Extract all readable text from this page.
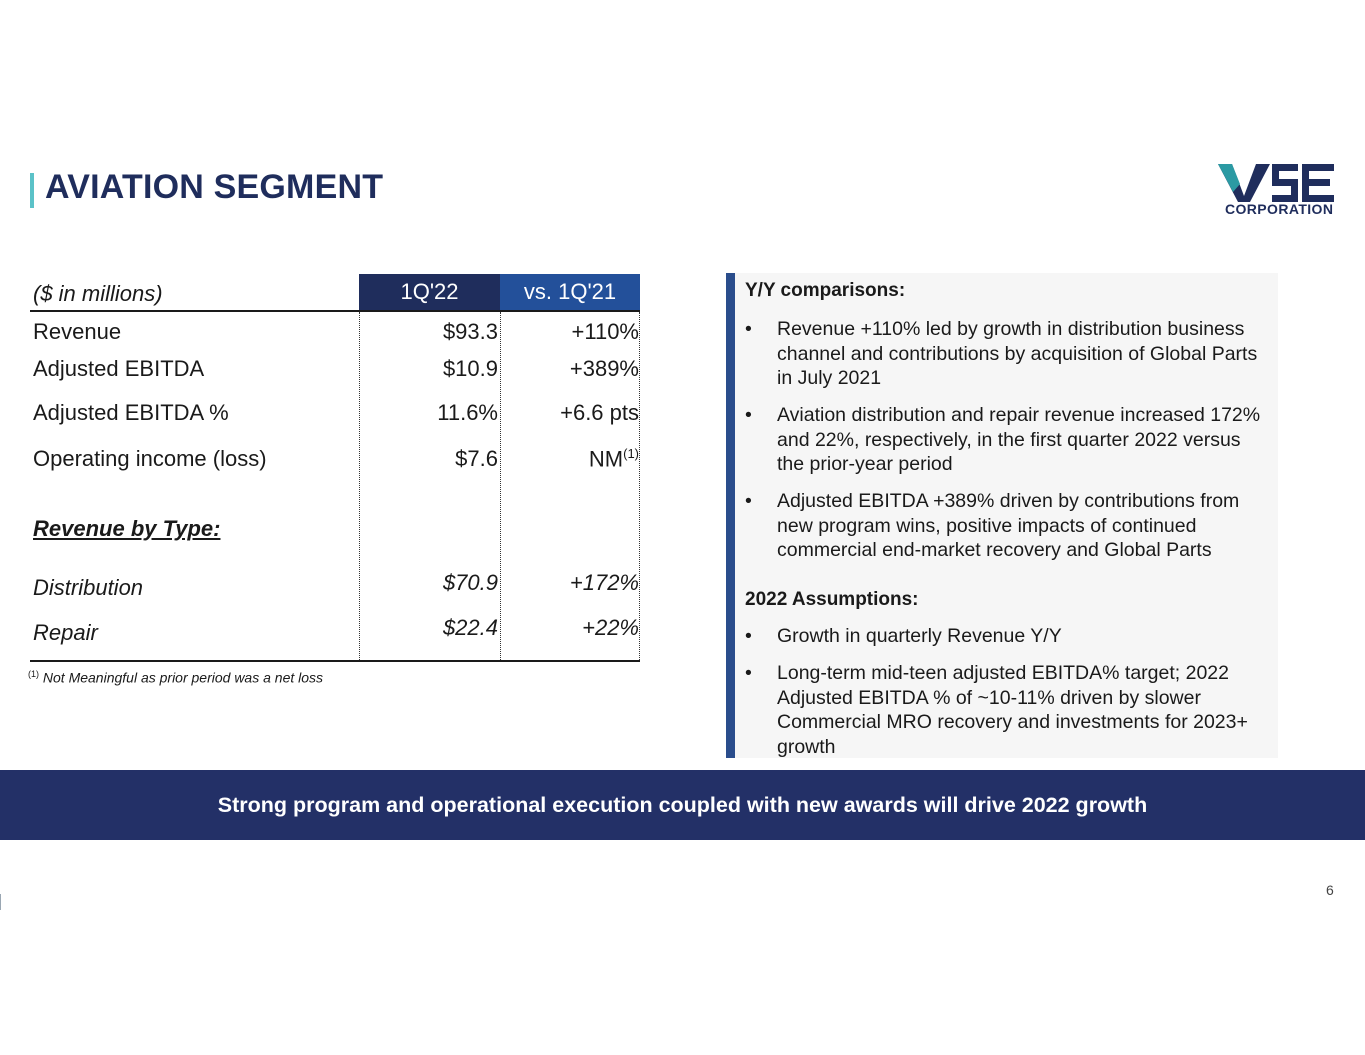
AVIATION SEGMENT
CORPORATION
($ in millions)	1Q'22	vs. 1Q'21
Revenue	$93.3	+110%
Adjusted EBITDA	$10.9	+389%
Adjusted EBITDA %	11.6%	+6.6 pts
Operating income (loss)	$7.6	NM$^{(1)}$
Revenue by Type:
Distribution	$70.9	+172%
Repair	$22.4	+22%
$^{(1)}$ Not Meaningful as prior period was a net loss
Y/Y comparisons:
•	Revenue +110% led by growth in distribution business channel and contributions by acquisition of Global Parts in July 2021
•	Aviation distribution and repair revenue increased 172% and 22%, respectively, in the first quarter 2022 versus the prior-year period
•	Adjusted EBITDA +389% driven by contributions from new program wins, positive impacts of continued commercial end-market recovery and Global Parts
2022 Assumptions:
•	Growth in quarterly Revenue Y/Y
•	Long-term mid-teen adjusted EBITDA% target; 2022 Adjusted EBITDA % of ~10-11% driven by slower Commercial MRO recovery and investments for 2023+ growth
Strong program and operational execution coupled with new awards will drive 2022 growth
6
